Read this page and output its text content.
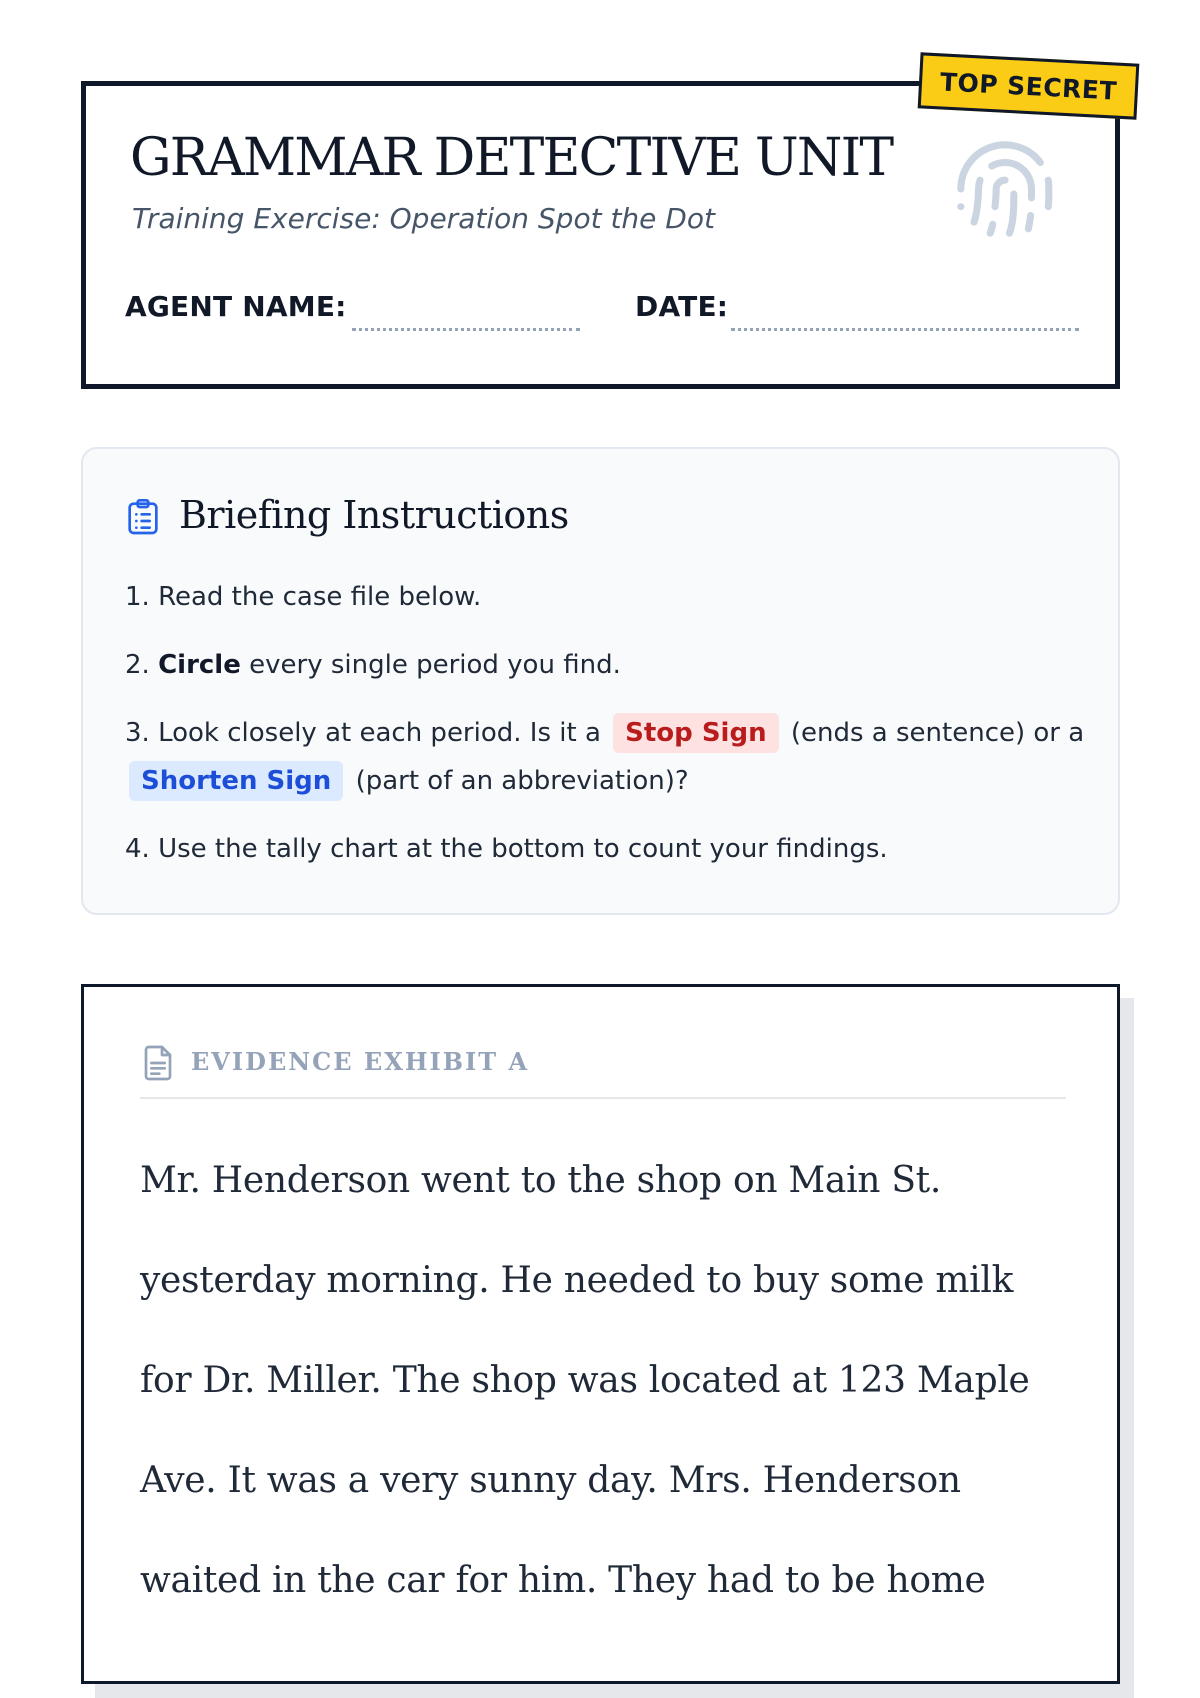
GRAMMAR DETECTIVE UNIT
Training Exercise: Operation Spot the Dot
AGENT NAME:	DATE:
TOP SECRET
Briefing Instructions
1. Read the case file below.
2. Circle every single period you find.
3. Look closely at each period. Is it a Stop Sign (ends a sentence) or a Shorten Sign (part of an abbreviation)?
4. Use the tally chart at the bottom to count your findings.
EVIDENCE EXHIBIT A

Mr. Henderson went to the shop on Main St. yesterday morning. He needed to buy some milk for Dr. Miller. The shop was located at 123 Maple Ave. It was a very sunny day. Mrs. Henderson waited in the car for him. They had to be home
